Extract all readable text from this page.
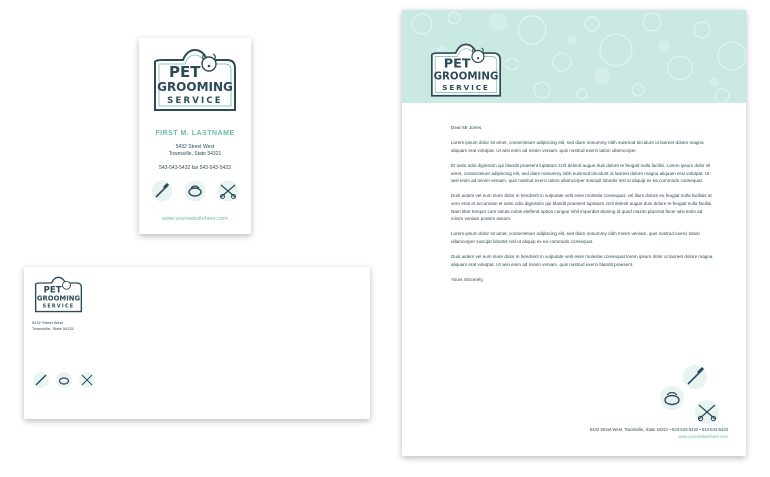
PET
GROOMING
SERVICE
FIRST M. LASTNAME
5432 Street West
Townsville, State 54321
543-543-5432 fax 543-543-5433
www.yourwebsitehere.com
PET
GROOMING
SERVICE
5432 Street West
Townsville, State 54321
PET
GROOMING
SERVICE

Dear Mr Jones,

Lorem ipsum dolor sit amet, consectetuer adipiscing elit, sed diam nonummy nibh euismod tincidunt ut laoreet dolore magna aliquam erat volutpat. Ut wisi enim ad minim veniam, quis nostrud exerci tation ullamcorper.

Et iusto odio dignissim qui blandit praesent luptatum zzril delenit augue duis dolore te feugait nulla facilisi. Lorem ipsum dolor sit amet, consectetuer adipiscing elit, sed diam nonummy nibh euismod tincidunt ut laoreet dolore magna aliquam erat volutpat. Ut wisi enim ad minim veniam, quis nostrud exerci tation ullamcorper suscipit lobortis nisl ut aliquip ex ea commodo consequat.

Duis autem vel eum iriure dolor in hendrerit in vulputate velit esse molestie consequat, vel illum dolore eu feugiat nulla facilisis at vero eros et accumsan et iusto odio dignissim qui blandit praesent luptatum zzril delenit augue duis dolore te feugait nulla facilisi. Nam liber tempor cum soluta nobis eleifend option congue nihil imperdiet doming id quod mazim placerat facer wisi enim ad minim veniam possim assum.

Lorem ipsum dolor sit amet, consectetuer adipiscing elit, sed diam nonummy nibh minim veniam, quis nostrud exerci tation ullamcorper suscipit lobortis nisl ut aliquip ex ea commodo consequat.

Duis autem vel eum iriure dolor in hendrerit in vulputate velit esse molestie consequat lorem ipsum dolor ut laoreet dolore magna aliquam erat volutpat. Ut wisi enim ad minim veniam, quis nostrud exerci blandit praesent.

Yours Sincerely,

5432 Street West, Townsville, State 54321 • 543-543-5432 • 543-543-5433
www.yourwebsitehere.com
